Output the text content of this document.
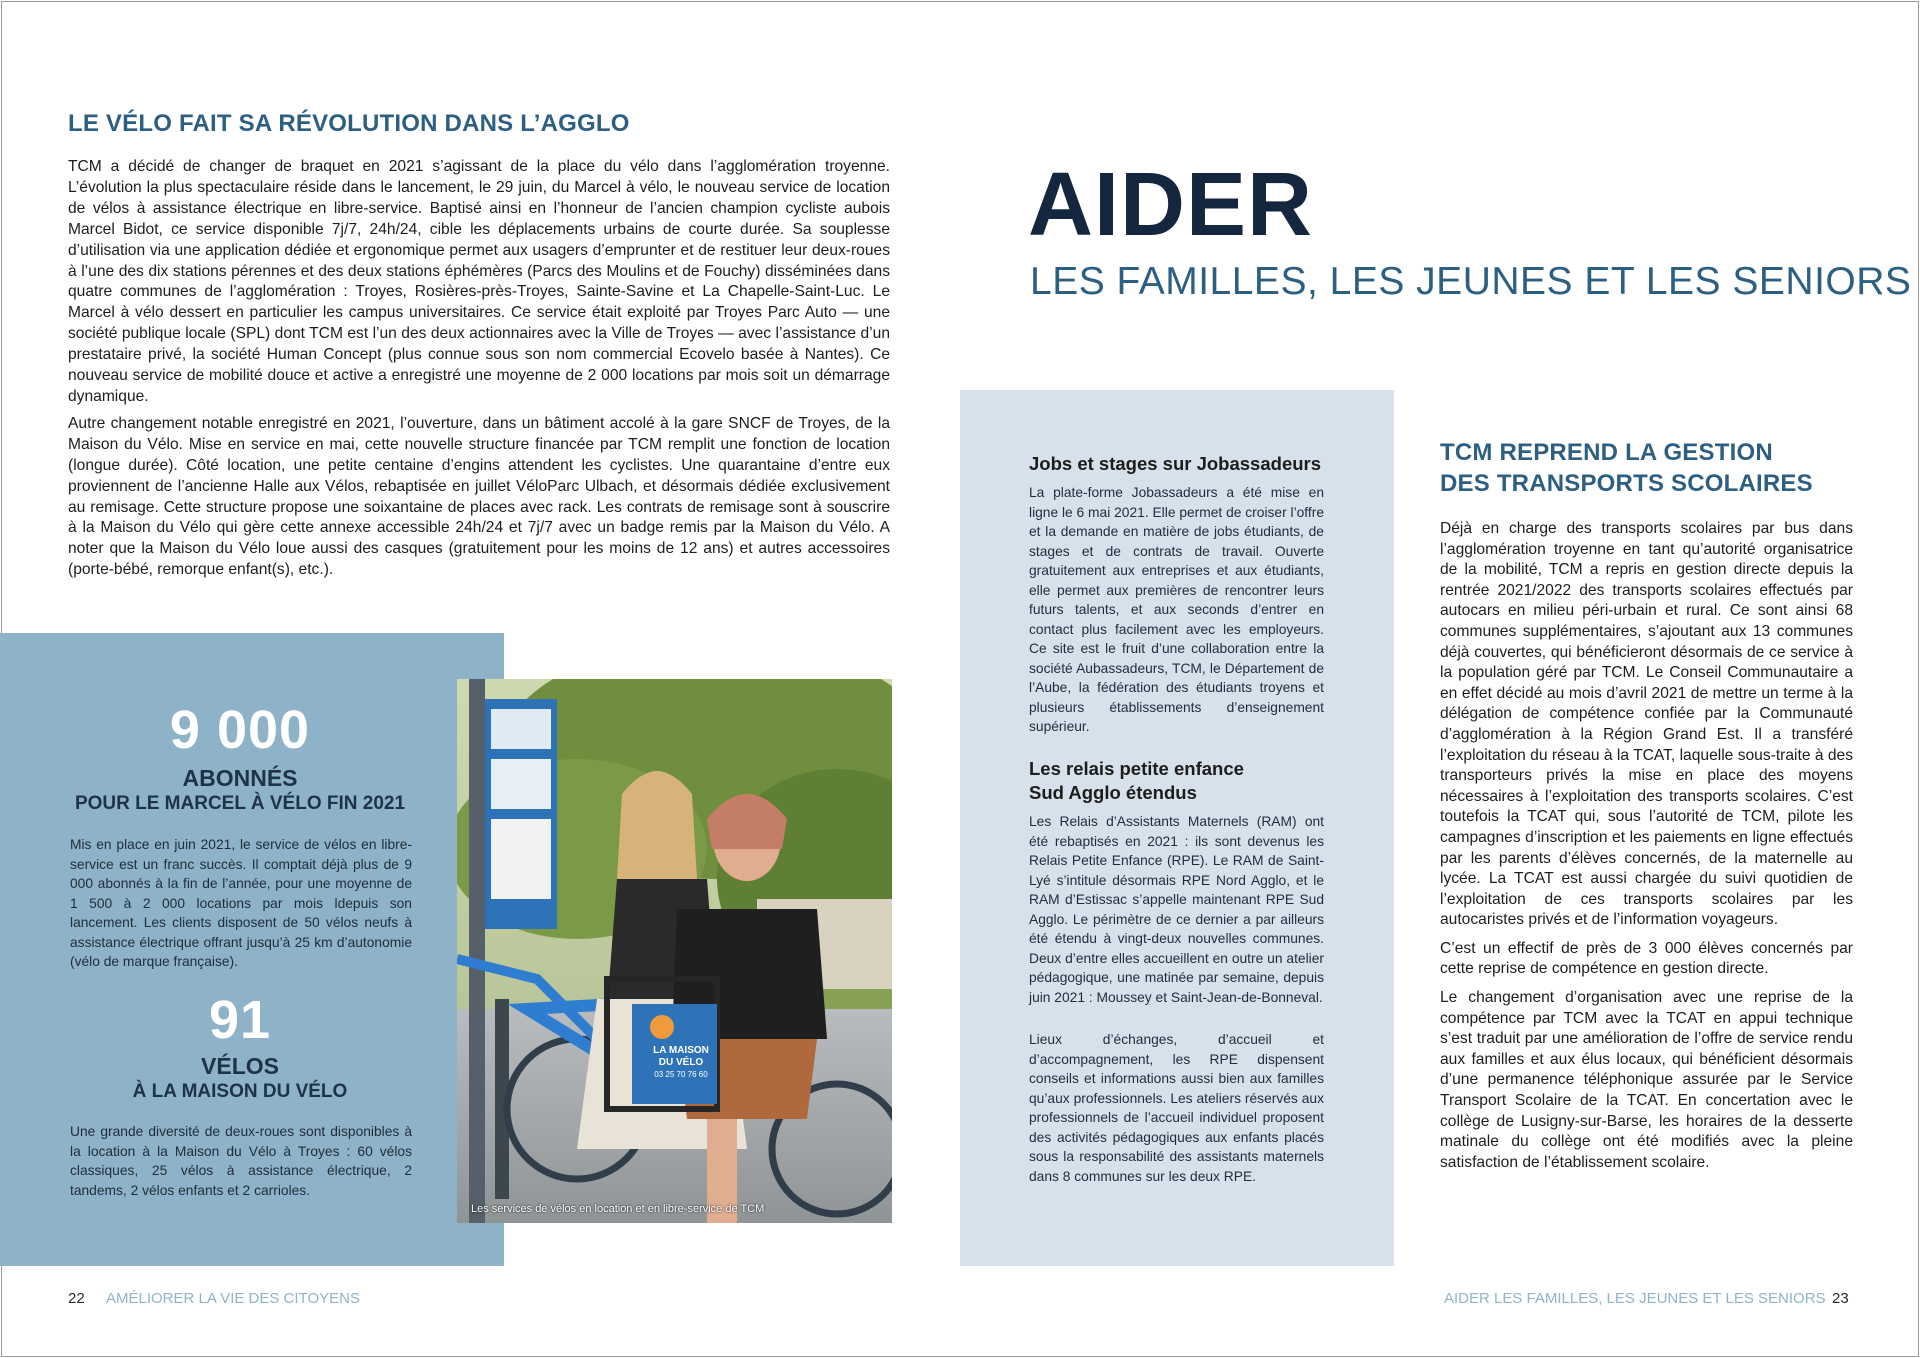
LE VÉLO FAIT SA RÉVOLUTION DANS L’AGGLO

TCM a décidé de changer de braquet en 2021 s’agissant de la place du vélo dans l’agglomération troyenne. L’évolution la plus spectaculaire réside dans le lancement, le 29 juin, du Marcel à vélo, le nouveau service de location de vélos à assistance électrique en libre-service. Baptisé ainsi en l’honneur de l’ancien champion cycliste aubois Marcel Bidot, ce service disponible 7j/7, 24h/24, cible les déplacements urbains de courte durée. Sa souplesse d’utilisation via une application dédiée et ergonomique permet aux usagers d’emprunter et de restituer leur deux-roues à l’une des dix stations pérennes et des deux stations éphémères (Parcs des Moulins et de Fouchy) disséminées dans quatre communes de l’agglomération : Troyes, Rosières-près-Troyes, Sainte-Savine et La Chapelle-Saint-Luc. Le Marcel à vélo dessert en particulier les campus universitaires. Ce service était exploité par Troyes Parc Auto — une société publique locale (SPL) dont TCM est l’un des deux actionnaires avec la Ville de Troyes — avec l’assistance d’un prestataire privé, la société Human Concept (plus connue sous son nom commercial Ecovelo basée à Nantes). Ce nouveau service de mobilité douce et active a enregistré une moyenne de 2 000 locations par mois soit un démarrage dynamique.

Autre changement notable enregistré en 2021, l’ouverture, dans un bâtiment accolé à la gare SNCF de Troyes, de la Maison du Vélo. Mise en service en mai, cette nouvelle structure financée par TCM remplit une fonction de location (longue durée). Côté location, une petite centaine d’engins attendent les cyclistes. Une quarantaine d’entre eux proviennent de l’ancienne Halle aux Vélos, rebaptisée en juillet VéloParc Ulbach, et désormais dédiée exclusivement au remisage. Cette structure propose une soixantaine de places avec rack. Les contrats de remisage sont à souscrire à la Maison du Vélo qui gère cette annexe accessible 24h/24 et 7j/7 avec un badge remis par la Maison du Vélo. A noter que la Maison du Vélo loue aussi des casques (gratuitement pour les moins de 12 ans) et autres accessoires (porte-bébé, remorque enfant(s), etc.).

9 000
ABONNÉS
POUR LE MARCEL À VÉLO FIN 2021

Mis en place en juin 2021, le service de vélos en libre-service est un franc succès. Il comptait déjà plus de 9 000 abonnés à la fin de l’année, pour une moyenne de 1 500 à 2 000 locations par mois ldepuis son lancement. Les clients disposent de 50 vélos neufs à assistance électrique offrant jusqu’à 25 km d’autonomie (vélo de marque française).

91
VÉLOS
À LA MAISON DU VÉLO

Une grande diversité de deux-roues sont disponibles à la location à la Maison du Vélo à Troyes : 60 vélos classiques, 25 vélos à assistance électrique, 2 tandems, 2 vélos enfants et 2 carrioles.

LA MAISON
DU VÉLO
03 25 70 76 60
Les services de vélos en location et en libre-service de TCM
22 AMÉLIORER LA VIE DES CITOYENS
AIDER

LES FAMILLES, LES JEUNES ET LES SENIORS

Jobs et stages sur Jobassadeurs

La plate-forme Jobassadeurs a été mise en ligne le 6 mai 2021. Elle permet de croiser l’offre et la demande en matière de jobs étudiants, de stages et de contrats de travail. Ouverte gratuitement aux entreprises et aux étudiants, elle permet aux premières de rencontrer leurs futurs talents, et aux seconds d’entrer en contact plus facilement avec les employeurs. Ce site est le fruit d’une collaboration entre la société Aubassadeurs, TCM, le Département de l’Aube, la fédération des étudiants troyens et plusieurs établissements d’enseignement supérieur.

Les relais petite enfance
Sud Agglo étendus

Les Relais d’Assistants Maternels (RAM) ont été rebaptisés en 2021 : ils sont devenus les Relais Petite Enfance (RPE). Le RAM de Saint-Lyé s’intitule désormais RPE Nord Agglo, et le RAM d’Estissac s’appelle maintenant RPE Sud Agglo. Le périmètre de ce dernier a par ailleurs été étendu à vingt-deux nouvelles communes. Deux d’entre elles accueillent en outre un atelier pédagogique, une matinée par semaine, depuis juin 2021 : Moussey et Saint-Jean-de-Bonneval.

Lieux d’échanges, d’accueil et d’accompagnement, les RPE dispensent conseils et informations aussi bien aux familles qu’aux professionnels. Les ateliers réservés aux professionnels de l’accueil individuel proposent des activités pédagogiques aux enfants placés sous la responsabilité des assistants maternels dans 8 communes sur les deux RPE.

TCM REPREND LA GESTION
DES TRANSPORTS SCOLAIRES

Déjà en charge des transports scolaires par bus dans l’agglomération troyenne en tant qu’autorité organisatrice de la mobilité, TCM a repris en gestion directe depuis la rentrée 2021/2022 des transports scolaires effectués par autocars en milieu péri-urbain et rural. Ce sont ainsi 68 communes supplémentaires, s’ajoutant aux 13 communes déjà couvertes, qui bénéficieront désormais de ce service à la population géré par TCM. Le Conseil Communautaire a en effet décidé au mois d’avril 2021 de mettre un terme à la délégation de compétence confiée par la Communauté d’agglomération à la Région Grand Est. Il a transféré l’exploitation du réseau à la TCAT, laquelle sous-traite à des transporteurs privés la mise en place des moyens nécessaires à l’exploitation des transports scolaires. C’est toutefois la TCAT qui, sous l’autorité de TCM, pilote les campagnes d’inscription et les paiements en ligne effectués par les parents d’élèves concernés, de la maternelle au lycée. La TCAT est aussi chargée du suivi quotidien de l’exploitation de ces transports scolaires par les autocaristes privés et de l’information voyageurs.

C’est un effectif de près de 3 000 élèves concernés par cette reprise de compétence en gestion directe.

Le changement d’organisation avec une reprise de la compétence par TCM avec la TCAT en appui technique s’est traduit par une amélioration de l’offre de service rendu aux familles et aux élus locaux, qui bénéficient désormais d’une permanence téléphonique assurée par le Service Transport Scolaire de la TCAT. En concertation avec le collège de Lusigny-sur-Barse, les horaires de la desserte matinale du collège ont été modifiés avec la pleine satisfaction de l’établissement scolaire.

AIDER LES FAMILLES, LES JEUNES ET LES SENIORS 23
